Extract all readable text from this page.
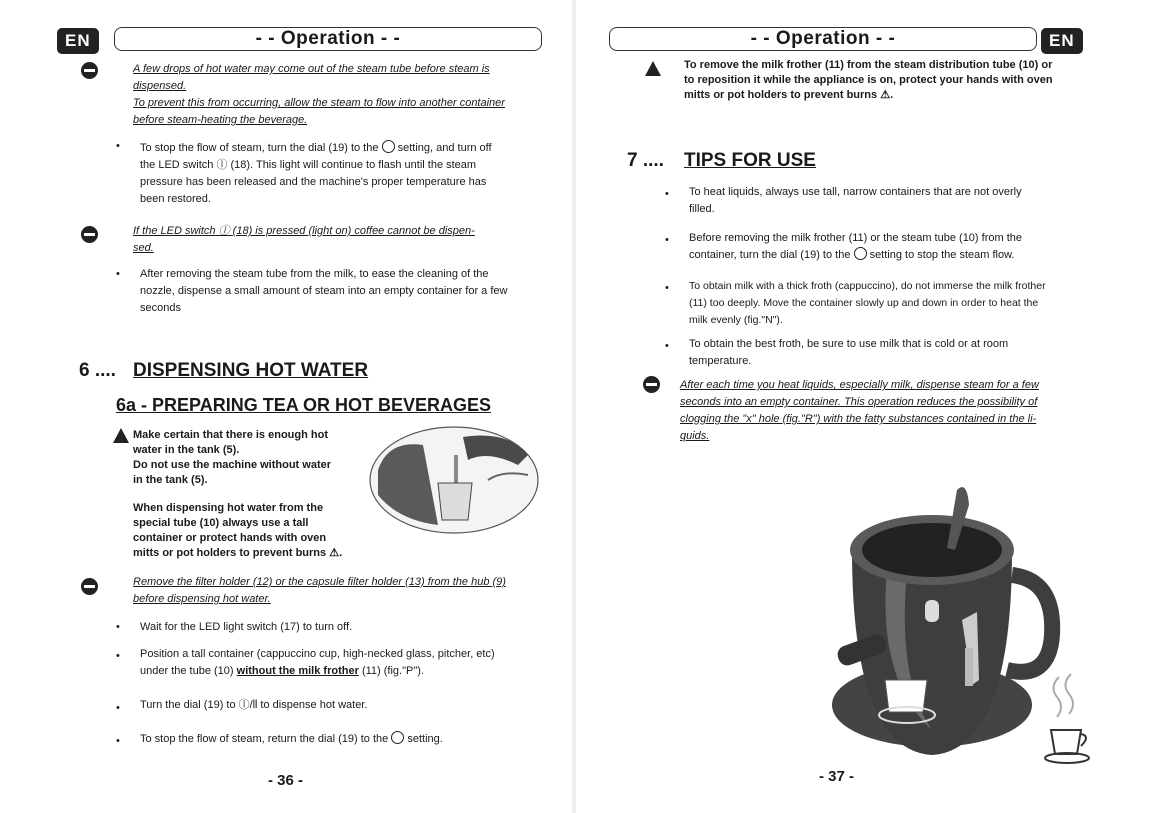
EN	- - Operation - -
A few drops of hot water may come out of the steam tube before steam is
dispensed.
To prevent this from occurring, allow the steam to flow into another container
before steam-heating the beverage.
• To stop the flow of steam, turn the dial (19) to the setting, and turn off
the LED switch ⓛ (18). This light will continue to flash until the steam
pressure has been released and the machine's proper temperature has
been restored.
If the LED switch ⓛ (18) is pressed (light on) coffee cannot be dispen-
sed.
• After removing the steam tube from the milk, to ease the cleaning of the
nozzle, dispense a small amount of steam into an empty container for a few
seconds
6 .... DISPENSING HOT WATER
6a - PREPARING TEA OR HOT BEVERAGES
Make certain that there is enough hot
water in the tank (5).
Do not use the machine without water
in the tank (5).
When dispensing hot water from the
special tube (10) always use a tall
container or protect hands with oven
mitts or pot holders to prevent burns ⚠.
Remove the filter holder (12) or the capsule filter holder (13) from the hub (9)
before dispensing hot water.
• Wait for the LED light switch (17) to turn off.
• Position a tall container (cappuccino cup, high-necked glass, pitcher, etc)
under the tube (10) without the milk frother (11) (fig."P").
• Turn the dial (19) to ⓛ/⫴ to dispense hot water.
• To stop the flow of steam, return the dial (19) to the setting.
- 36 -
- - Operation - -	EN
To remove the milk frother (11) from the steam distribution tube (10) or
to reposition it while the appliance is on, protect your hands with oven
mitts or pot holders to prevent burns ⚠.
7 .... TIPS FOR USE
• To heat liquids, always use tall, narrow containers that are not overly
filled.
• Before removing the milk frother (11) or the steam tube (10) from the
container, turn the dial (19) to the setting to stop the steam flow.
• To obtain milk with a thick froth (cappuccino), do not immerse the milk frother
(11) too deeply. Move the container slowly up and down in order to heat the
milk evenly (fig."N").
• To obtain the best froth, be sure to use milk that is cold or at room
temperature.
After each time you heat liquids, especially milk, dispense steam for a few
seconds into an empty container. This operation reduces the possibility of
clogging the "x" hole (fig."R") with the fatty substances contained in the li-
quids.
- 37 -
